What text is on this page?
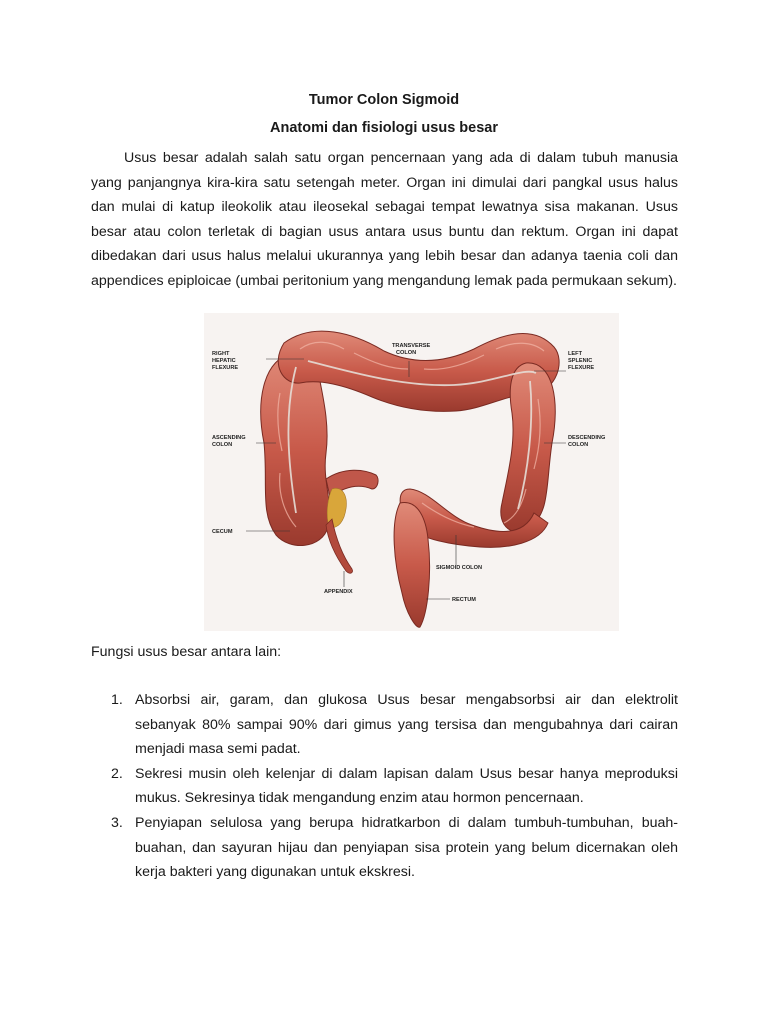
Tumor Colon Sigmoid
Anatomi dan fisiologi usus besar
Usus besar adalah salah satu organ pencernaan yang ada di dalam tubuh manusia yang panjangnya kira-kira satu setengah meter. Organ ini dimulai dari pangkal usus halus dan mulai di katup ileokolik atau ileosekal sebagai tempat lewatnya sisa makanan. Usus besar atau colon terletak di bagian usus antara usus buntu dan rektum. Organ ini dapat dibedakan dari usus halus melalui ukurannya yang lebih besar dan adanya taenia coli dan appendices epiploicae (umbai peritonium yang mengandung lemak pada permukaan sekum).
RIGHT HEPATIC FLEXURE
TRANSVERSE COLON	LEFT SPLENIC FLEXURE
ASCENDING COLON
DESCENDING COLON
CECUM
SIGMOID COLON
APPENDIX
RECTUM
Fungsi usus besar antara lain:
1. Absorbsi air, garam, dan glukosa Usus besar mengabsorbsi air dan elektrolit sebanyak 80% sampai 90% dari gimus yang tersisa dan mengubahnya dari cairan menjadi masa semi padat.
2. Sekresi musin oleh kelenjar di dalam lapisan dalam Usus besar hanya meproduksi mukus. Sekresinya tidak mengandung enzim atau hormon pencernaan.
3. Penyiapan selulosa yang berupa hidratkarbon di dalam tumbuh-tumbuhan, buah-buahan, dan sayuran hijau dan penyiapan sisa protein yang belum dicernakan oleh kerja bakteri yang digunakan untuk ekskresi.
